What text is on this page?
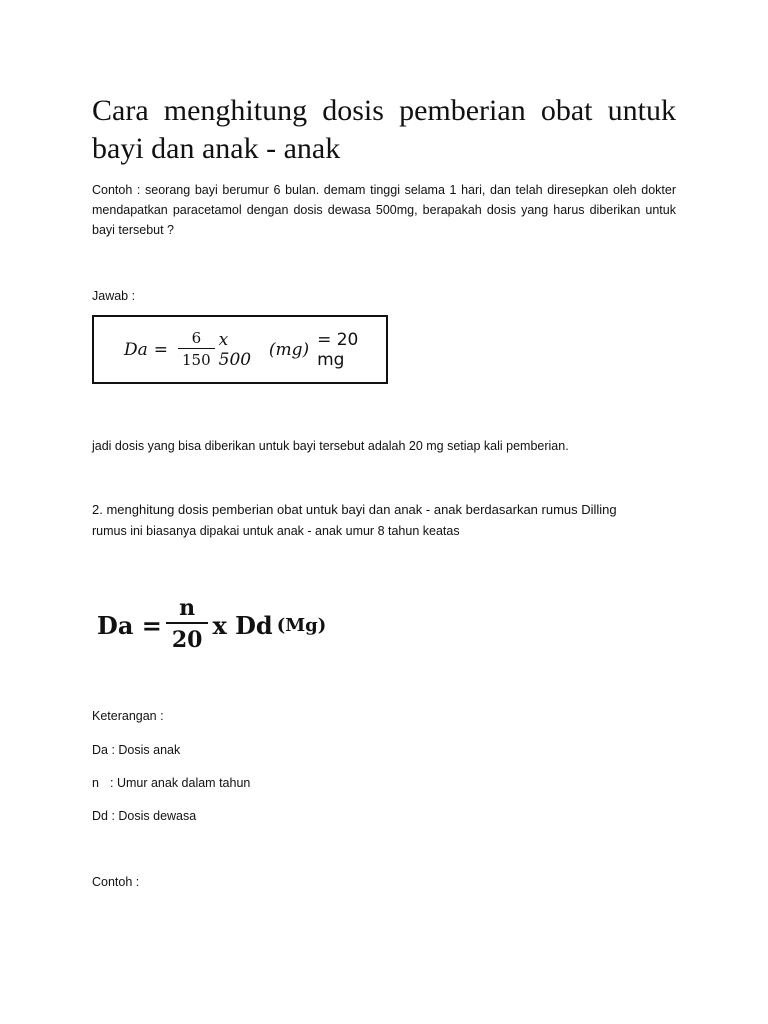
Cara menghitung dosis pemberian obat untuk bayi dan anak - anak
Contoh : seorang bayi berumur 6 bulan. demam tinggi selama 1 hari, dan telah diresepkan oleh dokter mendapatkan paracetamol dengan dosis dewasa 500mg, berapakah dosis yang harus diberikan untuk bayi tersebut ?
Jawab :
$Da = \frac{6}{150}$ x 500	(mg) = 20 mg
jadi dosis yang bisa diberikan untuk bayi tersebut adalah 20 mg setiap kali pemberian.
2. menghitung dosis pemberian obat untuk bayi dan anak - anak berdasarkan rumus Dilling
rumus ini biasanya dipakai untuk anak - anak umur 8 tahun keatas
$Da = \frac{n}{20}$ x Dd (Mg)
Keterangan :
Da : Dosis anak
n : Umur anak dalam tahun
Dd : Dosis dewasa
Contoh :
